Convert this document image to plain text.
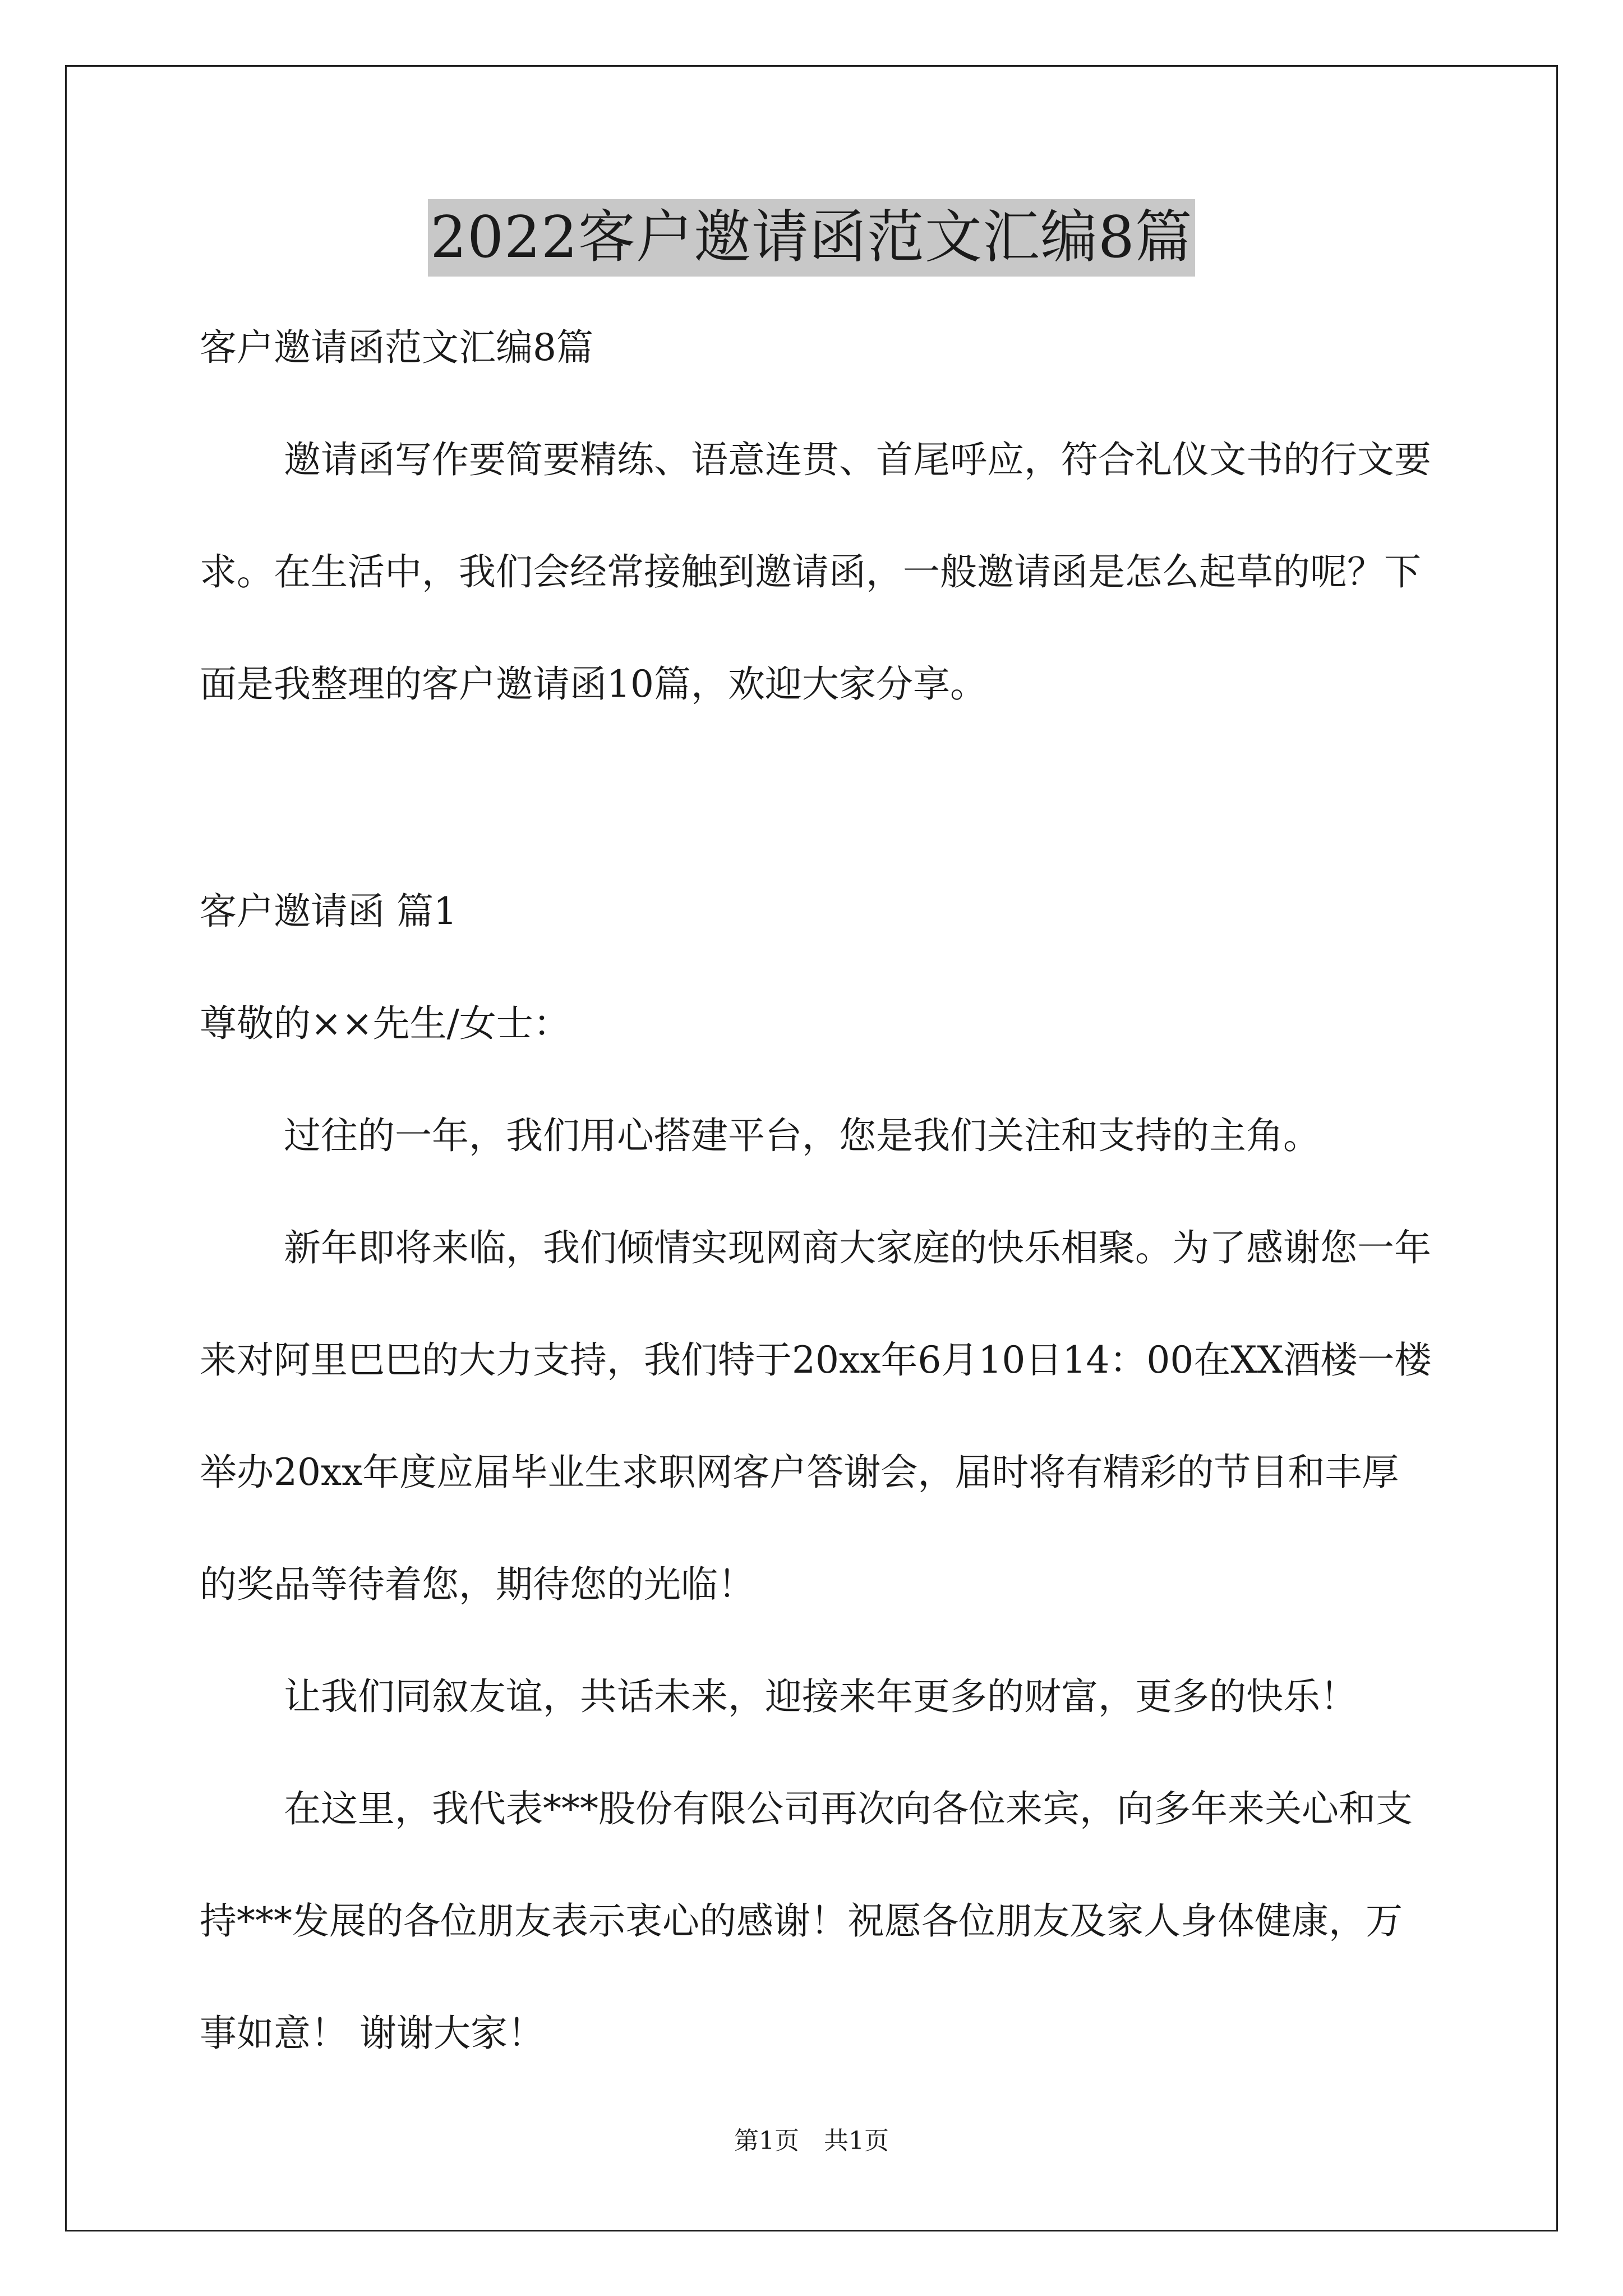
2022客户邀请函范文汇编8篇

客户邀请函范文汇编8篇

邀请函写作要简要精练、语意连贯、首尾呼应，符合礼仪文书的行文要求。在生活中，我们会经常接触到邀请函，一般邀请函是怎么起草的呢？下面是我整理的客户邀请函10篇，欢迎大家分享。

客户邀请函 篇1

尊敬的××先生/女士：

过往的一年，我们用心搭建平台，您是我们关注和支持的主角。

新年即将来临，我们倾情实现网商大家庭的快乐相聚。为了感谢您一年来对阿里巴巴的大力支持，我们特于20xx年6月10日14：00在XX酒楼一楼举办20xx年度应届毕业生求职网客户答谢会，届时将有精彩的节目和丰厚的奖品等待着您，期待您的光临！

让我们同叙友谊，共话未来，迎接来年更多的财富，更多的快乐！

在这里，我代表***股份有限公司再次向各位来宾，向多年来关心和支持***发展的各位朋友表示衷心的感谢！祝愿各位朋友及家人身体健康，万事如意！ 谢谢大家！

第1页　共1页
